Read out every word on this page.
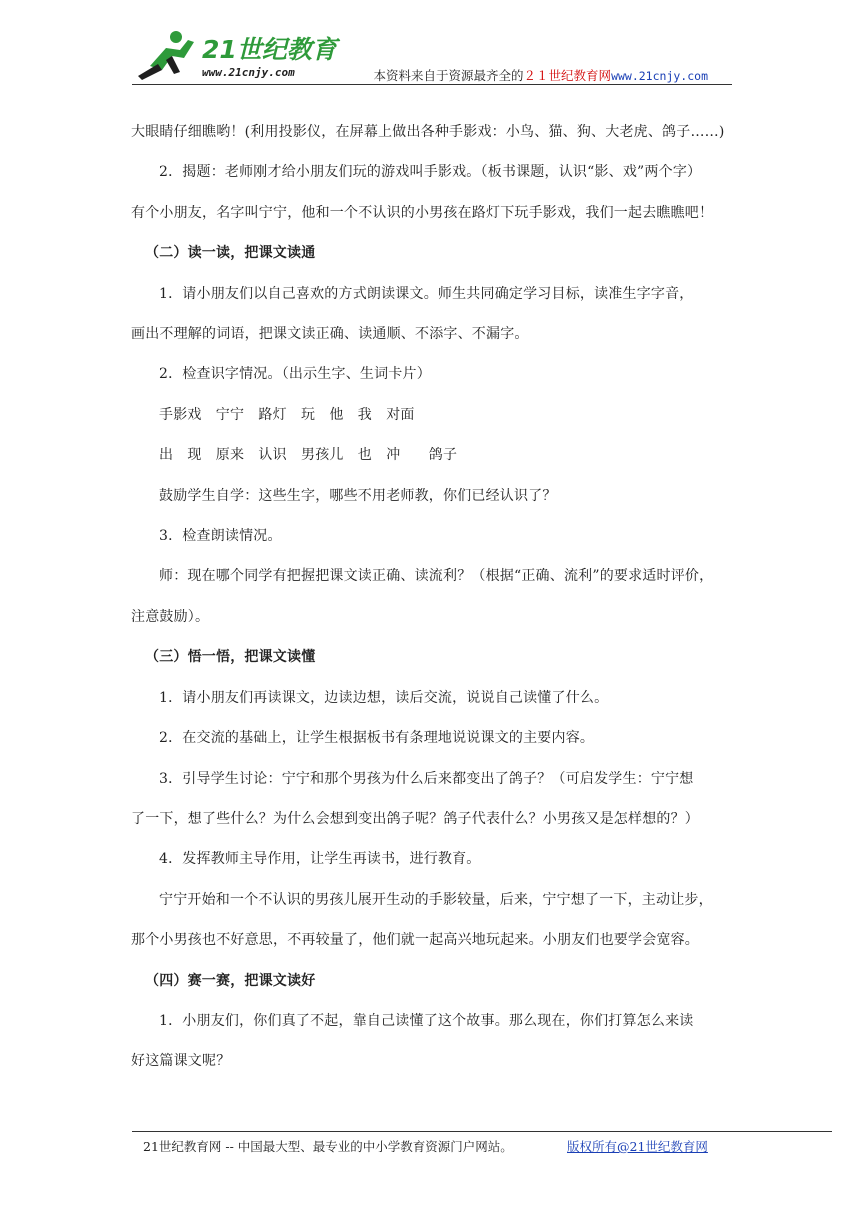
21世纪教育
www.21cnjy.com	本资料来自于资源最齐全的２１世纪教育网www.21cnjy.com

大眼睛仔细瞧哟！(利用投影仪，在屏幕上做出各种手影戏：小鸟、猫、狗、大老虎、鸽子……)

2．揭题：老师刚才给小朋友们玩的游戏叫手影戏。（板书课题，认识“影、戏”两个字）

有个小朋友，名字叫宁宁，他和一个不认识的小男孩在路灯下玩手影戏，我们一起去瞧瞧吧！

（二）读一读，把课文读通

1．请小朋友们以自己喜欢的方式朗读课文。师生共同确定学习目标，读准生字字音，

画出不理解的词语，把课文读正确、读通顺、不添字、不漏字。

2．检查识字情况。（出示生字、生词卡片）

手影戏　宁宁　路灯　玩　他　我　对面

出　现　原来　认识　男孩儿　也　冲　　鸽子

鼓励学生自学：这些生字，哪些不用老师教，你们已经认识了？

3．检查朗读情况。

师：现在哪个同学有把握把课文读正确、读流利？（根据“正确、流利”的要求适时评价，

注意鼓励）。

（三）悟一悟，把课文读懂

1．请小朋友们再读课文，边读边想，读后交流，说说自己读懂了什么。

2．在交流的基础上，让学生根据板书有条理地说说课文的主要内容。

3．引导学生讨论：宁宁和那个男孩为什么后来都变出了鸽子？（可启发学生：宁宁想

了一下，想了些什么？为什么会想到变出鸽子呢？鸽子代表什么？小男孩又是怎样想的？）

4．发挥教师主导作用，让学生再读书，进行教育。

宁宁开始和一个不认识的男孩儿展开生动的手影较量，后来，宁宁想了一下，主动让步，

那个小男孩也不好意思，不再较量了，他们就一起高兴地玩起来。小朋友们也要学会宽容。

（四）赛一赛，把课文读好

1．小朋友们，你们真了不起，靠自己读懂了这个故事。那么现在，你们打算怎么来读

好这篇课文呢？

21世纪教育网 -- 中国最大型、最专业的中小学教育资源门户网站。	版权所有@21世纪教育网
